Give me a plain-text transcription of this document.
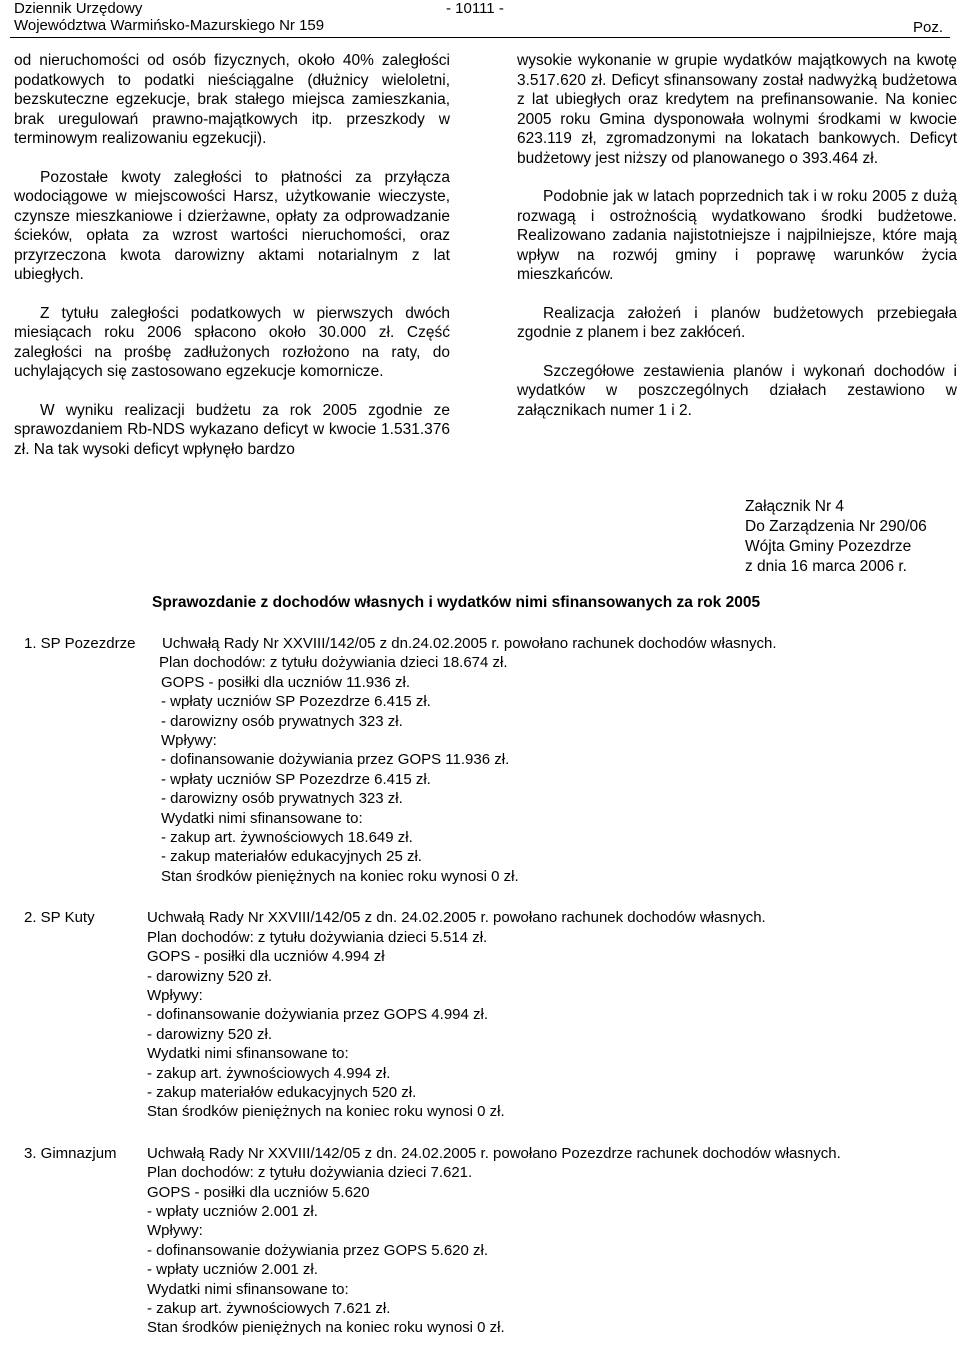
Dziennik Urzędowy
Województwa Warmińsko-Mazurskiego Nr 159
- 10111 -
Poz.

od nieruchomości od osób fizycznych, około 40% zaległości podatkowych to podatki nieściągalne (dłużnicy wieloletni, bezskuteczne egzekucje, brak stałego miejsca zamieszkania, brak uregulowań prawno-majątkowych itp. przeszkody w terminowym realizowaniu egzekucji).

Pozostałe kwoty zaległości to płatności za przyłącza wodociągowe w miejscowości Harsz, użytkowanie wieczyste, czynsze mieszkaniowe i dzierżawne, opłaty za odprowadzanie ścieków, opłata za wzrost wartości nieruchomości, oraz przyrzeczona kwota darowizny aktami notarialnym z lat ubiegłych.

Z tytułu zaległości podatkowych w pierwszych dwóch miesiącach roku 2006 spłacono około 30.000 zł. Część zaległości na prośbę zadłużonych rozłożono na raty, do uchylających się zastosowano egzekucje komornicze.

W wyniku realizacji budżetu za rok 2005 zgodnie ze sprawozdaniem Rb-NDS wykazano deficyt w kwocie 1.531.376 zł. Na tak wysoki deficyt wpłynęło bardzo

wysokie wykonanie w grupie wydatków majątkowych na kwotę 3.517.620 zł. Deficyt sfinansowany został nadwyżką budżetowa z lat ubiegłych oraz kredytem na prefinansowanie. Na koniec 2005 roku Gmina dysponowała wolnymi środkami w kwocie 623.119 zł, zgromadzonymi na lokatach bankowych. Deficyt budżetowy jest niższy od planowanego o 393.464 zł.

Podobnie jak w latach poprzednich tak i w roku 2005 z dużą rozwagą i ostrożnością wydatkowano środki budżetowe. Realizowano zadania najistotniejsze i najpilniejsze, które mają wpływ na rozwój gminy i poprawę warunków życia mieszkańców.

Realizacja założeń i planów budżetowych przebiegała zgodnie z planem i bez zakłóceń.

Szczegółowe zestawienia planów i wykonań dochodów i wydatków w poszczególnych działach zestawiono w załącznikach numer 1 i 2.

Załącznik Nr 4
Do Zarządzenia Nr 290/06
Wójta Gminy Pozezdrze
z dnia 16 marca 2006 r.
Sprawozdanie z dochodów własnych i wydatków nimi sfinansowanych za rok 2005
1. SP Pozezdrze Uchwałą Rady Nr XXVIII/142/05 z dn.24.02.2005 r. powołano rachunek dochodów własnych.
Plan dochodów: z tytułu dożywiania dzieci 18.674 zł.
GOPS - posiłki dla uczniów 11.936 zł.
- wpłaty uczniów SP Pozezdrze 6.415 zł.
- darowizny osób prywatnych 323 zł.
Wpływy:
- dofinansowanie dożywiania przez GOPS 11.936 zł.
- wpłaty uczniów SP Pozezdrze 6.415 zł.
- darowizny osób prywatnych 323 zł.
Wydatki nimi sfinansowane to:
- zakup art. żywnościowych 18.649 zł.
- zakup materiałów edukacyjnych 25 zł.
Stan środków pieniężnych na koniec roku wynosi 0 zł.
2. SP Kuty	Uchwałą Rady Nr XXVIII/142/05 z dn. 24.02.2005 r. powołano rachunek dochodów własnych.
Plan dochodów: z tytułu dożywiania dzieci 5.514 zł.
GOPS - posiłki dla uczniów 4.994 zł
- darowizny 520 zł.
Wpływy:
- dofinansowanie dożywiania przez GOPS 4.994 zł.
- darowizny 520 zł.
Wydatki nimi sfinansowane to:
- zakup art. żywnościowych 4.994 zł.
- zakup materiałów edukacyjnych 520 zł.
Stan środków pieniężnych na koniec roku wynosi 0 zł.
3. Gimnazjum Uchwałą Rady Nr XXVIII/142/05 z dn. 24.02.2005 r. powołano Pozezdrze rachunek dochodów własnych.
Plan dochodów: z tytułu dożywiania dzieci 7.621.
GOPS - posiłki dla uczniów 5.620
- wpłaty uczniów 2.001 zł.
Wpływy:
- dofinansowanie dożywiania przez GOPS 5.620 zł.
- wpłaty uczniów 2.001 zł.
Wydatki nimi sfinansowane to:
- zakup art. żywnościowych 7.621 zł.
Stan środków pieniężnych na koniec roku wynosi 0 zł.
